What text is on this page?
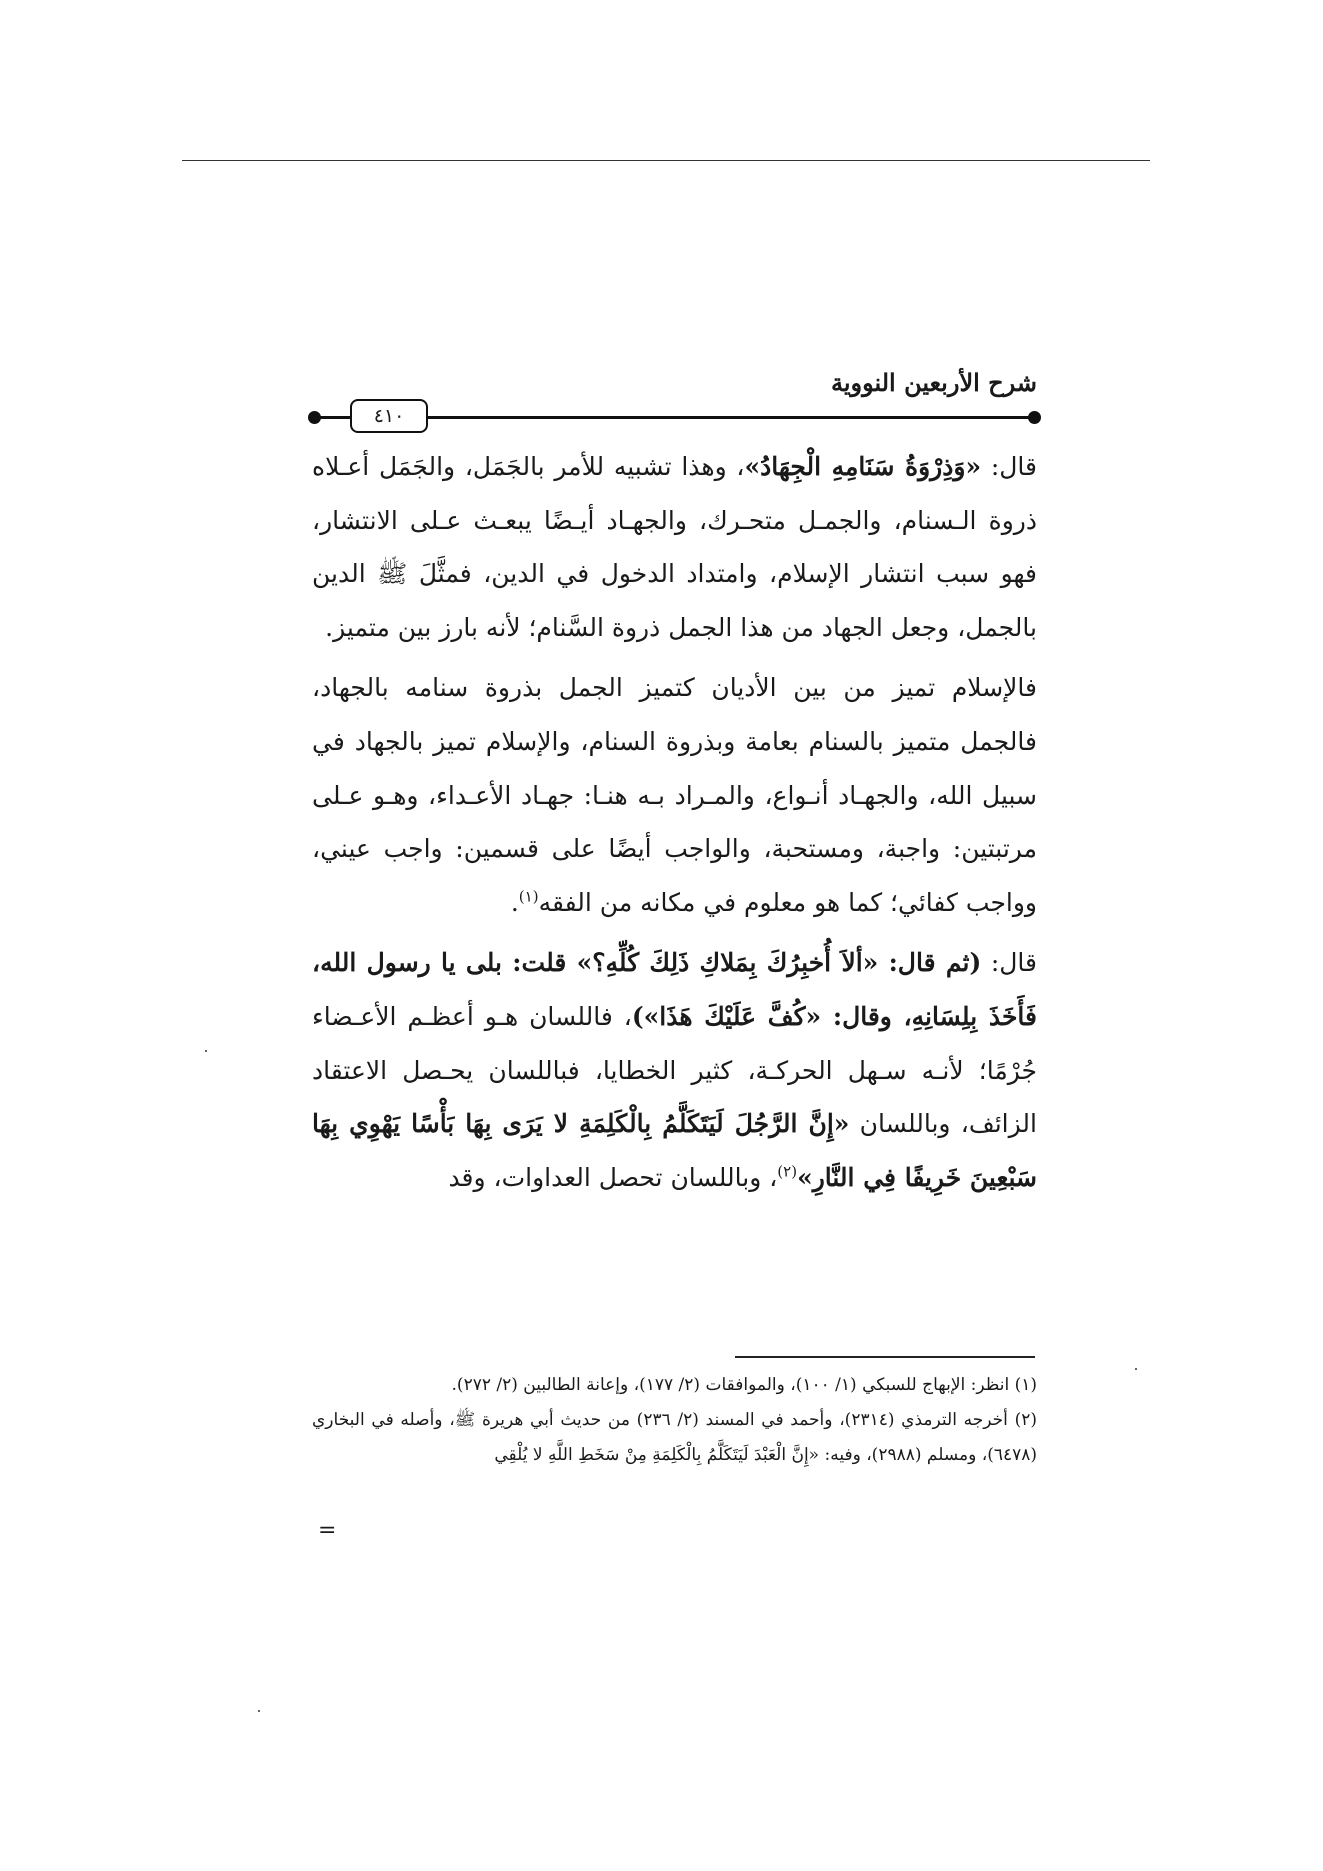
شرح الأربعين النووية
٤١٠

قال: «وَذِرْوَةُ سَنَامِهِ الْجِهَادُ»، وهذا تشبيه للأمر بالجَمَل، والجَمَل أعـلاه ذروة الـسنام، والجمـل متحـرك، والجهـاد أيـضًا يبعـث عـلى الانتشار، فهو سبب انتشار الإسلام، وامتداد الدخول في الدين، فمثَّلَ ﷺ الدين بالجمل، وجعل الجهاد من هذا الجمل ذروة السَّنام؛ لأنه بارز بين متميز.

فالإسلام تميز من بين الأديان كتميز الجمل بذروة سنامه بالجهاد، فالجمل متميز بالسنام بعامة وبذروة السنام، والإسلام تميز بالجهاد في سبيل الله، والجهـاد أنـواع، والمـراد بـه هنـا: جهـاد الأعـداء، وهـو عـلى مرتبتين: واجبة، ومستحبة، والواجب أيضًا على قسمين: واجب عيني، وواجب كفائي؛ كما هو معلوم في مكانه من الفقه$^{(١)}$.

قال: (ثم قال: «ألاَ أُخبِرُكَ بِمَلاكِ ذَلِكَ كُلِّهِ؟» قلت: بلى يا رسول الله، فَأَخَذَ بِلِسَانِهِ، وقال: «كُفَّ عَلَيْكَ هَذَا»)، فاللسان هـو أعظـم الأعـضاء جُرْمًا؛ لأنـه سـهل الحركـة، كثير الخطايا، فباللسان يحـصل الاعتقاد الزائف، وباللسان «إِنَّ الرَّجُلَ لَيَتَكَلَّمُ بِالْكَلِمَةِ لا يَرَى بِهَا بَأْسًا يَهْوِي بِهَا سَبْعِينَ خَرِيفًا فِي النَّارِ»$^{(٢)}$، وباللسان تحصل العداوات، وقد

(١) انظر: الإبهاج للسبكي (١/ ١٠٠)، والموافقات (٢/ ١٧٧)، وإعانة الطالبين (٢/ ٢٧٢).

(٢) أخرجه الترمذي (٢٣١٤)، وأحمد في المسند (٢/ ٢٣٦) من حديث أبي هريرة ﷺ، وأصله في البخاري (٦٤٧٨)، ومسلم (٢٩٨٨)، وفيه: «إِنَّ الْعَبْدَ لَيَتَكَلَّمُ بِالْكَلِمَةِ مِنْ سَخَطِ اللَّهِ لا يُلْقِي

=
